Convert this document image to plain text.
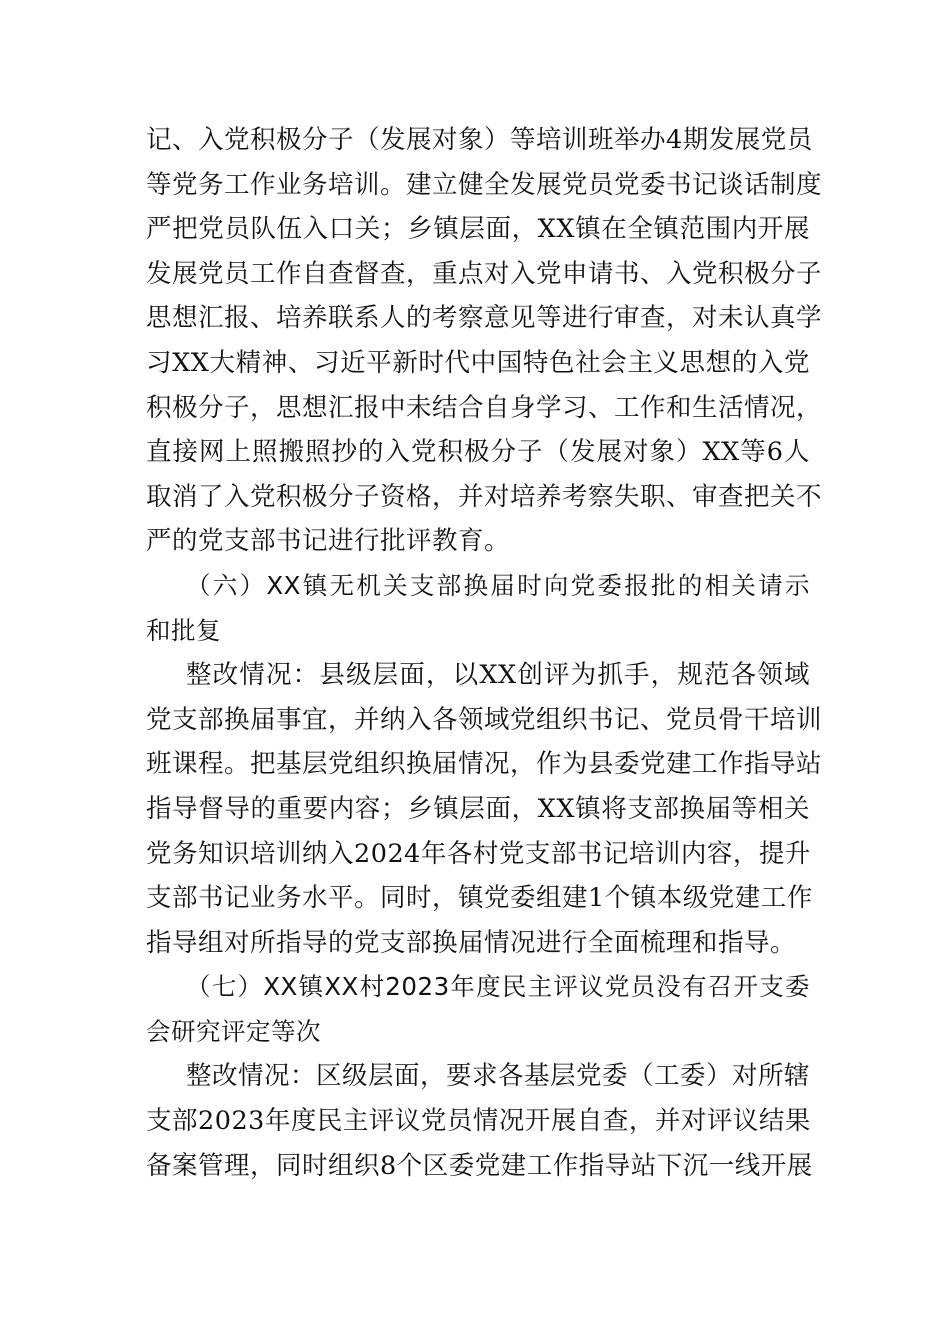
记、入党积极分子（发展对象）等培训班举办4期发展党员
等党务工作业务培训。建立健全发展党员党委书记谈话制度
严把党员队伍入口关；乡镇层面，XX镇在全镇范围内开展
发展党员工作自查督查，重点对入党申请书、入党积极分子
思想汇报、培养联系人的考察意见等进行审查，对未认真学
习XX大精神、习近平新时代中国特色社会主义思想的入党
积极分子，思想汇报中未结合自身学习、工作和生活情况，
直接网上照搬照抄的入党积极分子（发展对象）XX等6人
取消了入党积极分子资格，并对培养考察失职、审查把关不
严的党支部书记进行批评教育。
（六）XX镇无机关支部换届时向党委报批的相关请示
和批复
整改情况：县级层面，以XX创评为抓手，规范各领域
党支部换届事宜，并纳入各领域党组织书记、党员骨干培训
班课程。把基层党组织换届情况，作为县委党建工作指导站
指导督导的重要内容；乡镇层面，XX镇将支部换届等相关
党务知识培训纳入2024年各村党支部书记培训内容，提升
支部书记业务水平。同时，镇党委组建1个镇本级党建工作
指导组对所指导的党支部换届情况进行全面梳理和指导。
（七）XX镇XX村2023年度民主评议党员没有召开支委
会研究评定等次
整改情况：区级层面，要求各基层党委（工委）对所辖
支部2023年度民主评议党员情况开展自查，并对评议结果
备案管理，同时组织8个区委党建工作指导站下沉一线开展
